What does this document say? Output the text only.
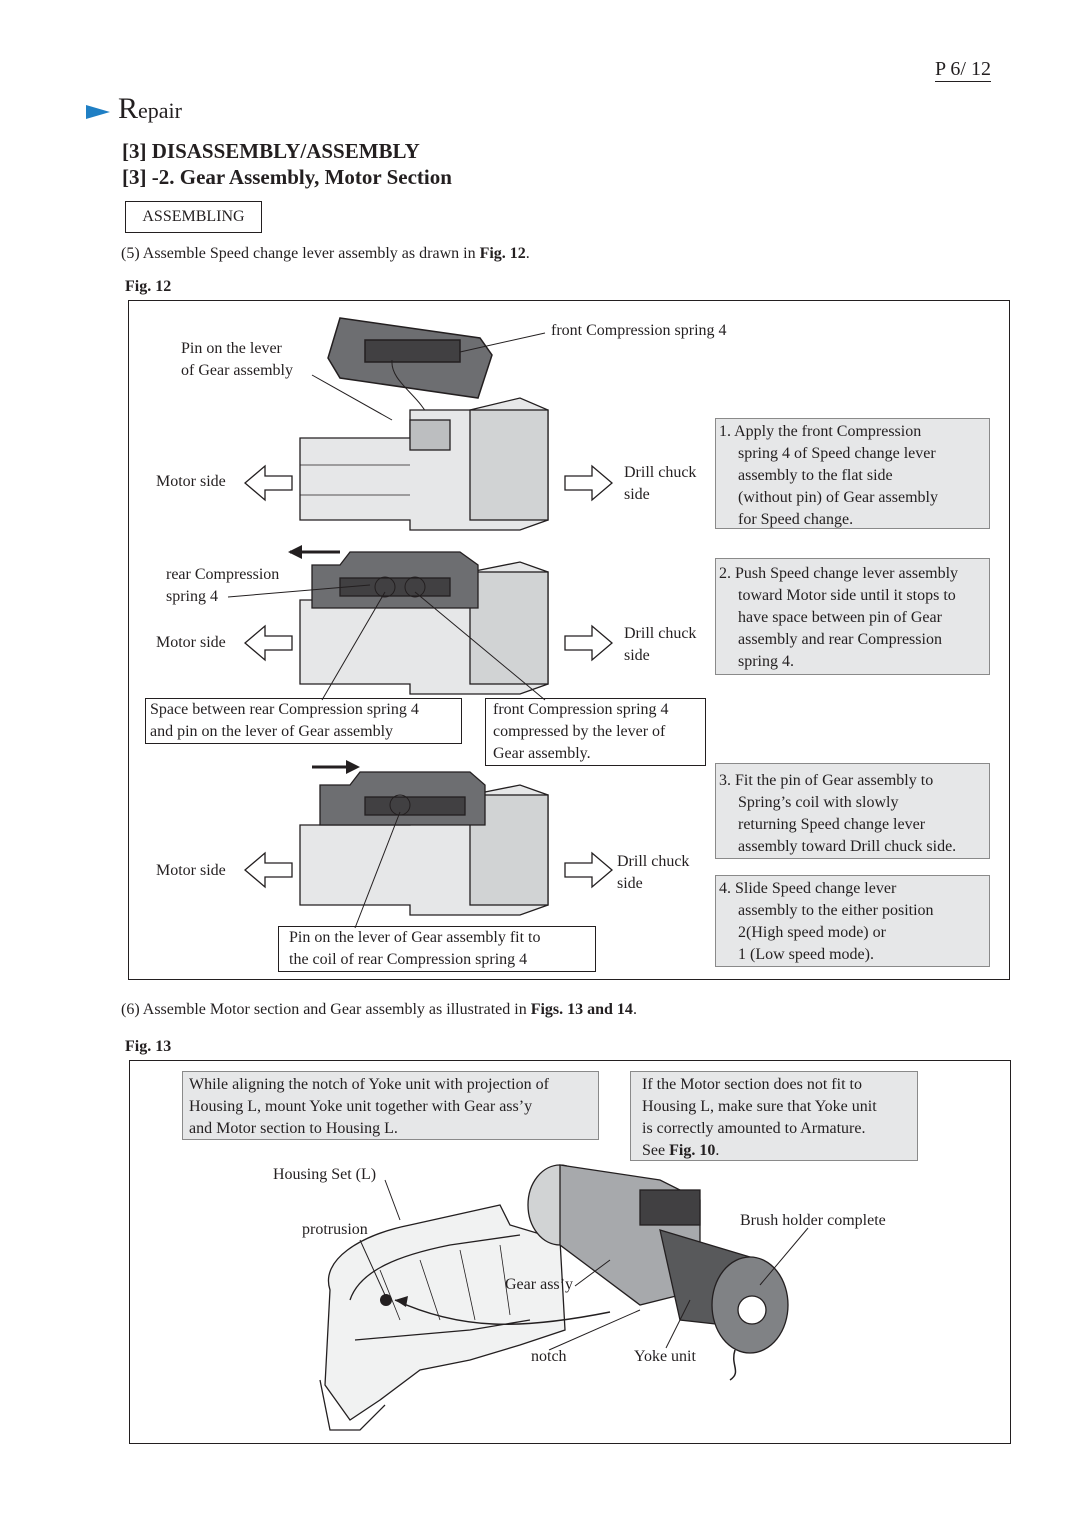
P 6/ 12
Repair
[3] DISASSEMBLY/ASSEMBLY
[3] -2. Gear Assembly, Motor Section
ASSEMBLING
(5) Assemble Speed change lever assembly as drawn in Fig. 12.
Fig. 12
Pin on the lever
of Gear assembly
front Compression spring 4
Motor side
Drill chuck
side
rear Compression
spring 4
Motor side
Drill chuck
side
Space between rear Compression spring 4
and pin on the lever of Gear assembly
front Compression spring 4
compressed by the lever of
Gear assembly.
Motor side
Drill chuck
side
Pin on the lever of Gear assembly fit to
the coil of rear Compression spring 4
1. Apply the front Compression
spring 4 of Speed change lever
assembly to the flat side
(without pin) of Gear assembly
for Speed change.
2. Push Speed change lever assembly
toward Motor side until it stops to
have space between pin of Gear
assembly and rear Compression
spring 4.
3. Fit the pin of Gear assembly to
Spring’s coil with slowly
returning Speed change lever
assembly toward Drill chuck side.
4. Slide Speed change lever
assembly to the either position
2(High speed mode) or
1 (Low speed mode).
(6) Assemble Motor section and Gear assembly as illustrated in Figs. 13 and 14.
Fig. 13
While aligning the notch of Yoke unit with projection of
Housing L, mount Yoke unit together with Gear ass’y
and Motor section to Housing L.
If the Motor section does not fit to
Housing L, make sure that Yoke unit
is correctly amounted to Armature.
See Fig. 10.
Housing Set (L)
protrusion
Brush holder complete
Gear ass’y
notch	Yoke unit
